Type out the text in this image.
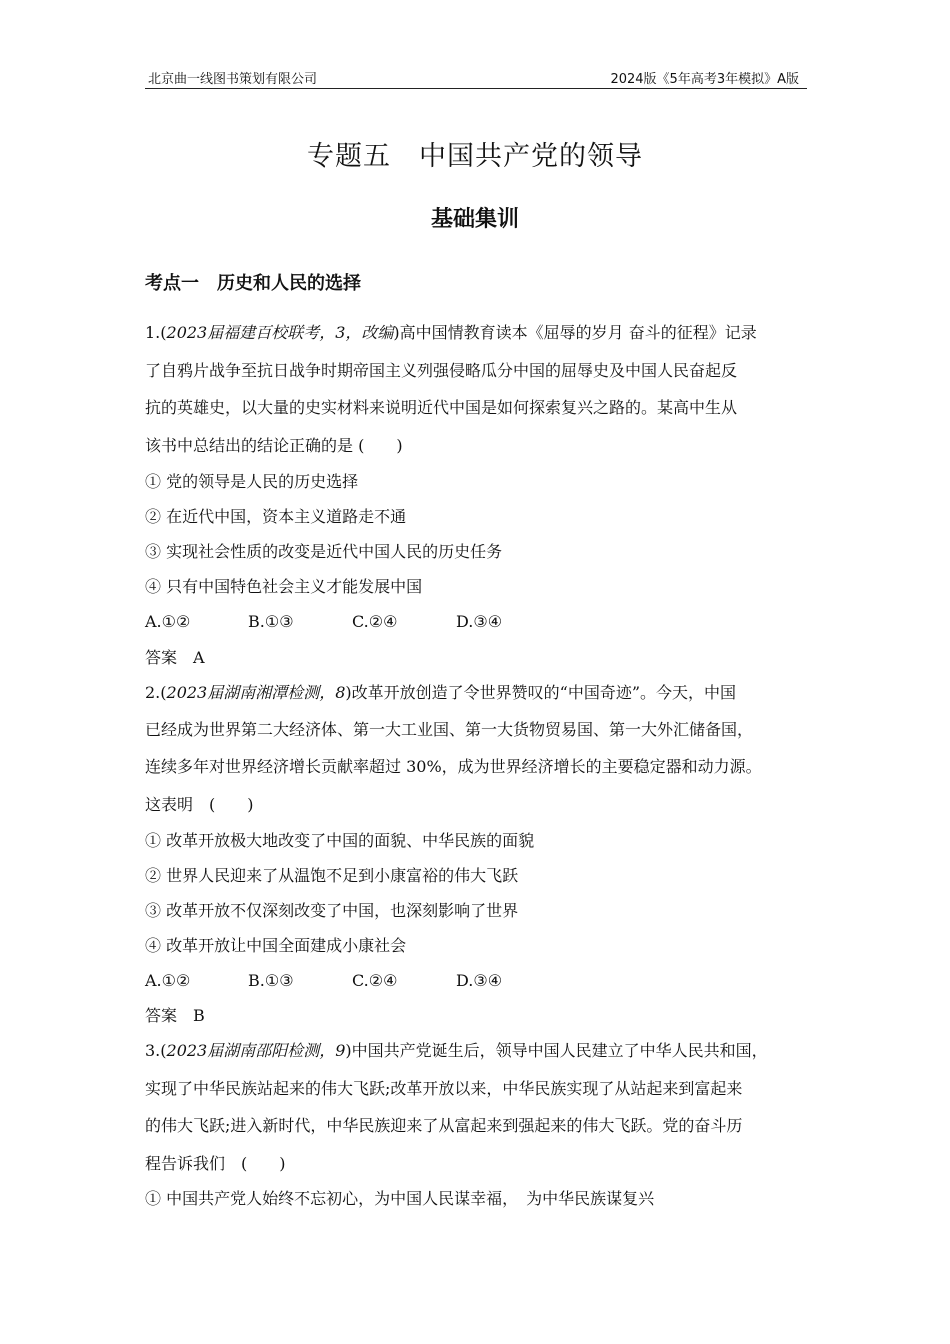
北京曲一线图书策划有限公司	2024版《5年高考3年模拟》A版
专题五　中国共产党的领导
基础集训
考点一　历史和人民的选择
1.(2023届福建百校联考，3，改编)高中国情教育读本《屈辱的岁月 奋斗的征程》记录
了自鸦片战争至抗日战争时期帝国主义列强侵略瓜分中国的屈辱史及中国人民奋起反
抗的英雄史，以大量的史实材料来说明近代中国是如何探索复兴之路的。某高中生从
该书中总结出的结论正确的是 (　　)
① 党的领导是人民的历史选择
② 在近代中国，资本主义道路走不通
③ 实现社会性质的改变是近代中国人民的历史任务
④ 只有中国特色社会主义才能发展中国
A.①②	B.①③	C.②④	D.③④
答案　A
2.(2023届湖南湘潭检测，8)改革开放创造了令世界赞叹的“中国奇迹”。今天，中国
已经成为世界第二大经济体、第一大工业国、第一大货物贸易国、第一大外汇储备国，
连续多年对世界经济增长贡献率超过 30%，成为世界经济增长的主要稳定器和动力源。
这表明　(　　)
① 改革开放极大地改变了中国的面貌、中华民族的面貌
② 世界人民迎来了从温饱不足到小康富裕的伟大飞跃
③ 改革开放不仅深刻改变了中国，也深刻影响了世界
④ 改革开放让中国全面建成小康社会
A.①②	B.①③	C.②④	D.③④
答案　B
3.(2023届湖南邵阳检测，9)中国共产党诞生后，领导中国人民建立了中华人民共和国，
实现了中华民族站起来的伟大飞跃;改革开放以来，中华民族实现了从站起来到富起来
的伟大飞跃;进入新时代，中华民族迎来了从富起来到强起来的伟大飞跃。党的奋斗历
程告诉我们　(　　)
① 中国共产党人始终不忘初心，为中国人民谋幸福，　为中华民族谋复兴
